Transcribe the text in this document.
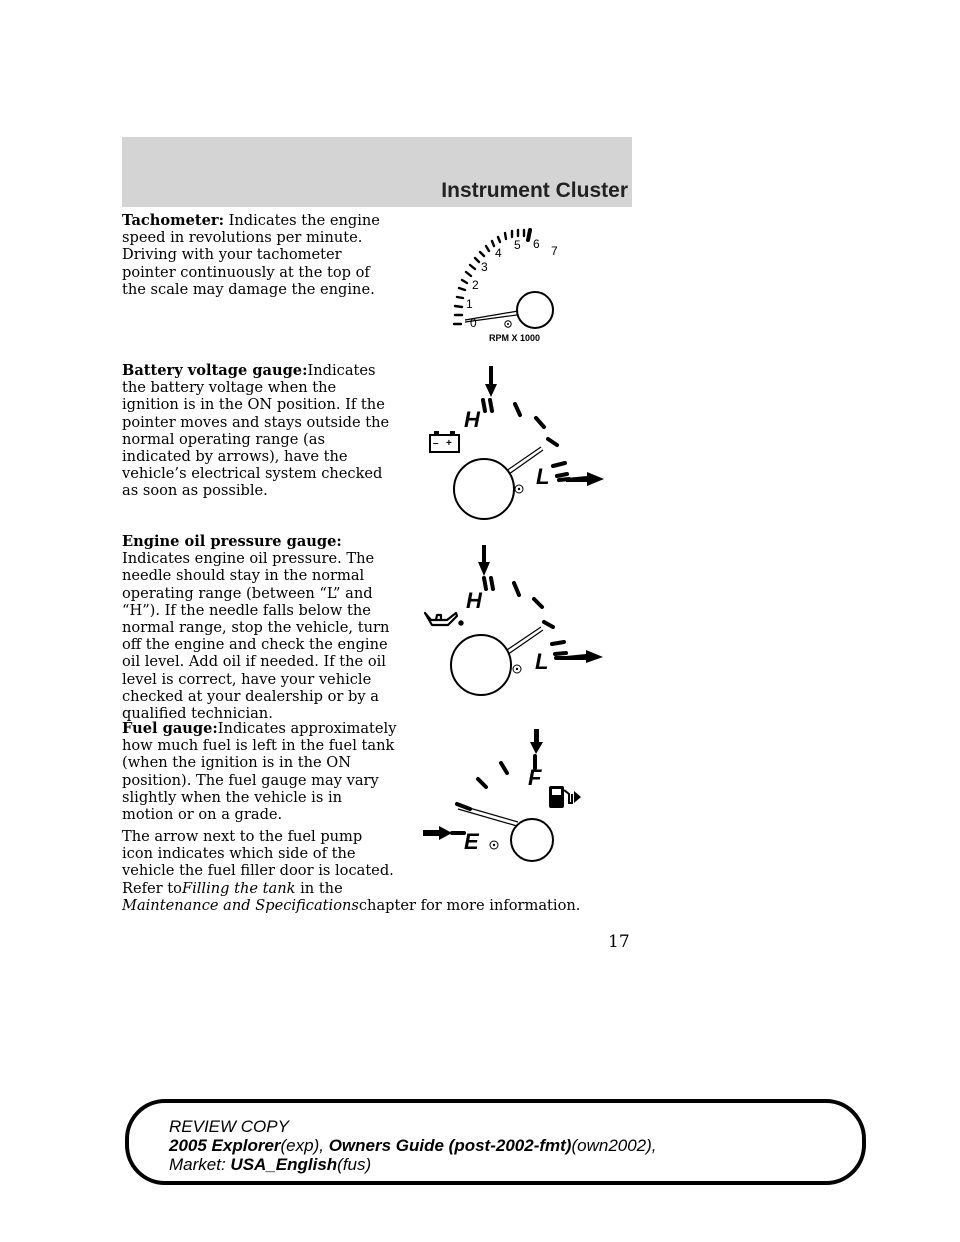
Instrument Cluster

Tachometer: Indicates the engine speed in revolutions per minute. Driving with your tachometer pointer continuously at the top of the scale may damage the engine.

0
1
2
3
4
5 6 7
RPM X 1000

Battery voltage gauge:Indicates the battery voltage when the ignition is in the ON position. If the pointer moves and stays outside the normal operating range (as indicated by arrows), have the vehicle’s electrical system checked as soon as possible.

H
L
– +

Engine oil pressure gauge:
Indicates engine oil pressure. The needle should stay in the normal operating range (between “L” and “H”). If the needle falls below the normal range, stop the vehicle, turn off the engine and check the engine oil level. Add oil if needed. If the oil level is correct, have your vehicle checked at your dealership or by a qualified technician.

H
L

Fuel gauge:Indicates approximately how much fuel is left in the fuel tank (when the ignition is in the ON position). The fuel gauge may vary slightly when the vehicle is in motion or on a grade.

The arrow next to the fuel pump icon indicates which side of the vehicle the fuel filler door is located.

Refer toFilling the tank in the
Maintenance and Specificationschapter for more information.
F
E
17
REVIEW COPY
2005 Explorer(exp), Owners Guide (post-2002-fmt)(own2002),
Market: USA_English(fus)
